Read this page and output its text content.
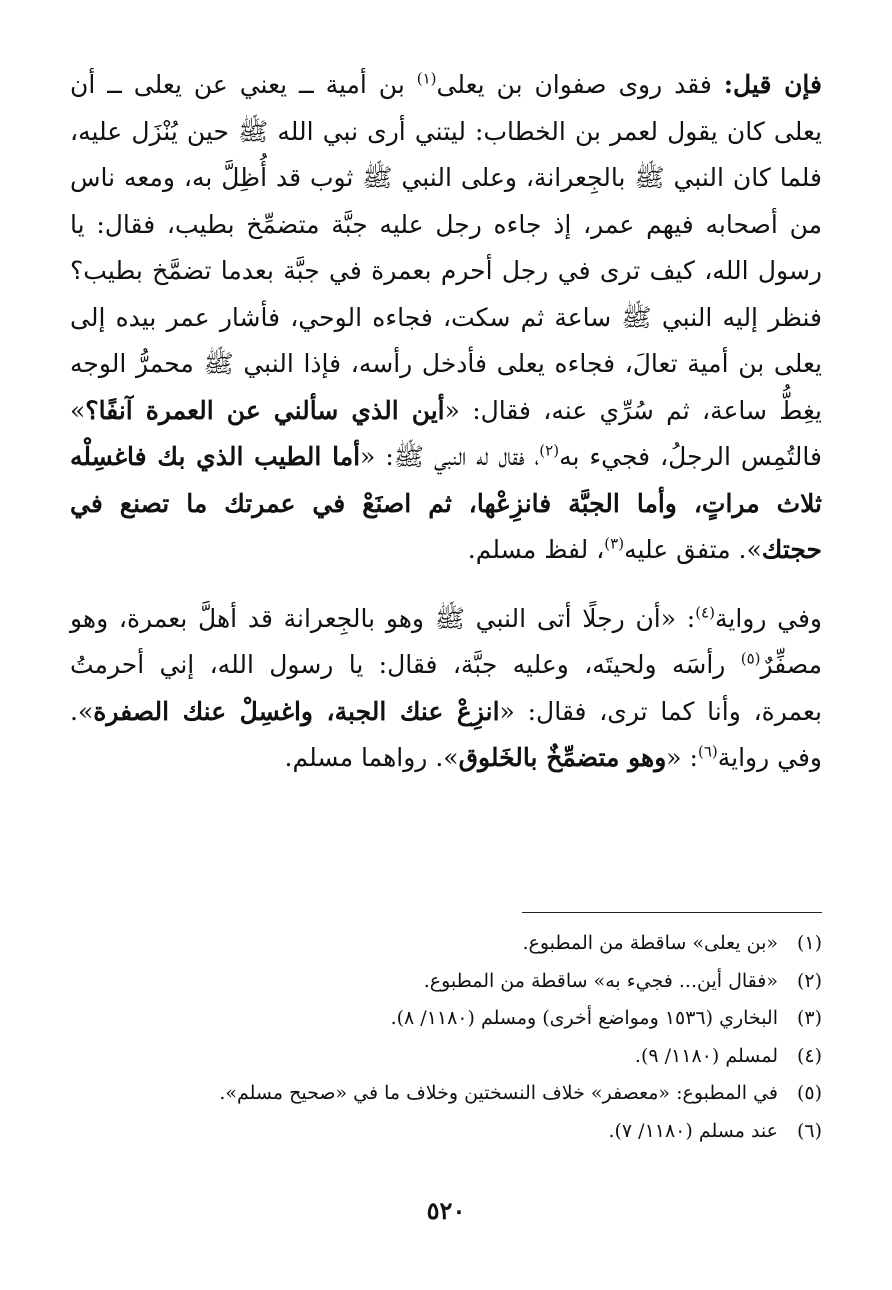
فإن قيل: فقد روى صفوان بن يعلى$^{(١)}$ بن أمية ــ يعني عن يعلى ــ أن يعلى كان يقول لعمر بن الخطاب: ليتني أرى نبي الله ﷺ حين يُنْزَل عليه، فلما كان النبي ﷺ بالجِعرانة، وعلى النبي ﷺ ثوب قد أُظِلَّ به، ومعه ناس من أصحابه فيهم عمر، إذ جاءه رجل عليه جبَّة متضمِّخ بطيب، فقال: يا رسول الله، كيف ترى في رجل أحرم بعمرة في جبَّة بعدما تضمَّخ بطيب؟ فنظر إليه النبي ﷺ ساعة ثم سكت، فجاءه الوحي، فأشار عمر بيده إلى يعلى بن أمية تعالَ، فجاءه يعلى فأدخل رأسه، فإذا النبي ﷺ محمرُّ الوجه يغِطُّ ساعة، ثم سُرِّي عنه، فقال: «أين الذي سألني عن العمرة آنفًا؟» فالتُمِس الرجلُ، فجيء به$^{(٢)}$، فقال له النبي ﷺ: «أما الطيب الذي بك فاغسِلْه ثلاث مراتٍ، وأما الجبَّة فانزِعْها، ثم اصنَعْ في عمرتك ما تصنع في حجتك». متفق عليه$^{(٣)}$، لفظ مسلم.

وفي رواية$^{(٤)}$: «أن رجلًا أتى النبي ﷺ وهو بالجِعرانة قد أهلَّ بعمرة، وهو مصفِّرٌ$^{(٥)}$ رأسَه ولحيتَه، وعليه جبَّة، فقال: يا رسول الله، إني أحرمتُ بعمرة، وأنا كما ترى، فقال: «انزِعْ عنك الجبة، واغسِلْ عنك الصفرة». وفي رواية$^{(٦)}$: «وهو متضمِّخٌ بالخَلوق». رواهما مسلم.

(١)«بن يعلى» ساقطة من المطبوع.
(٢)«فقال أين... فجيء به» ساقطة من المطبوع.
(٣)البخاري (١٥٣٦ ومواضع أخرى) ومسلم (١١٨٠/ ٨).
(٤)لمسلم (١١٨٠/ ٩).
(٥)في المطبوع: «معصفر» خلاف النسختين وخلاف ما في «صحيح مسلم».
(٦)عند مسلم (١١٨٠/ ٧).
٥٢٠
